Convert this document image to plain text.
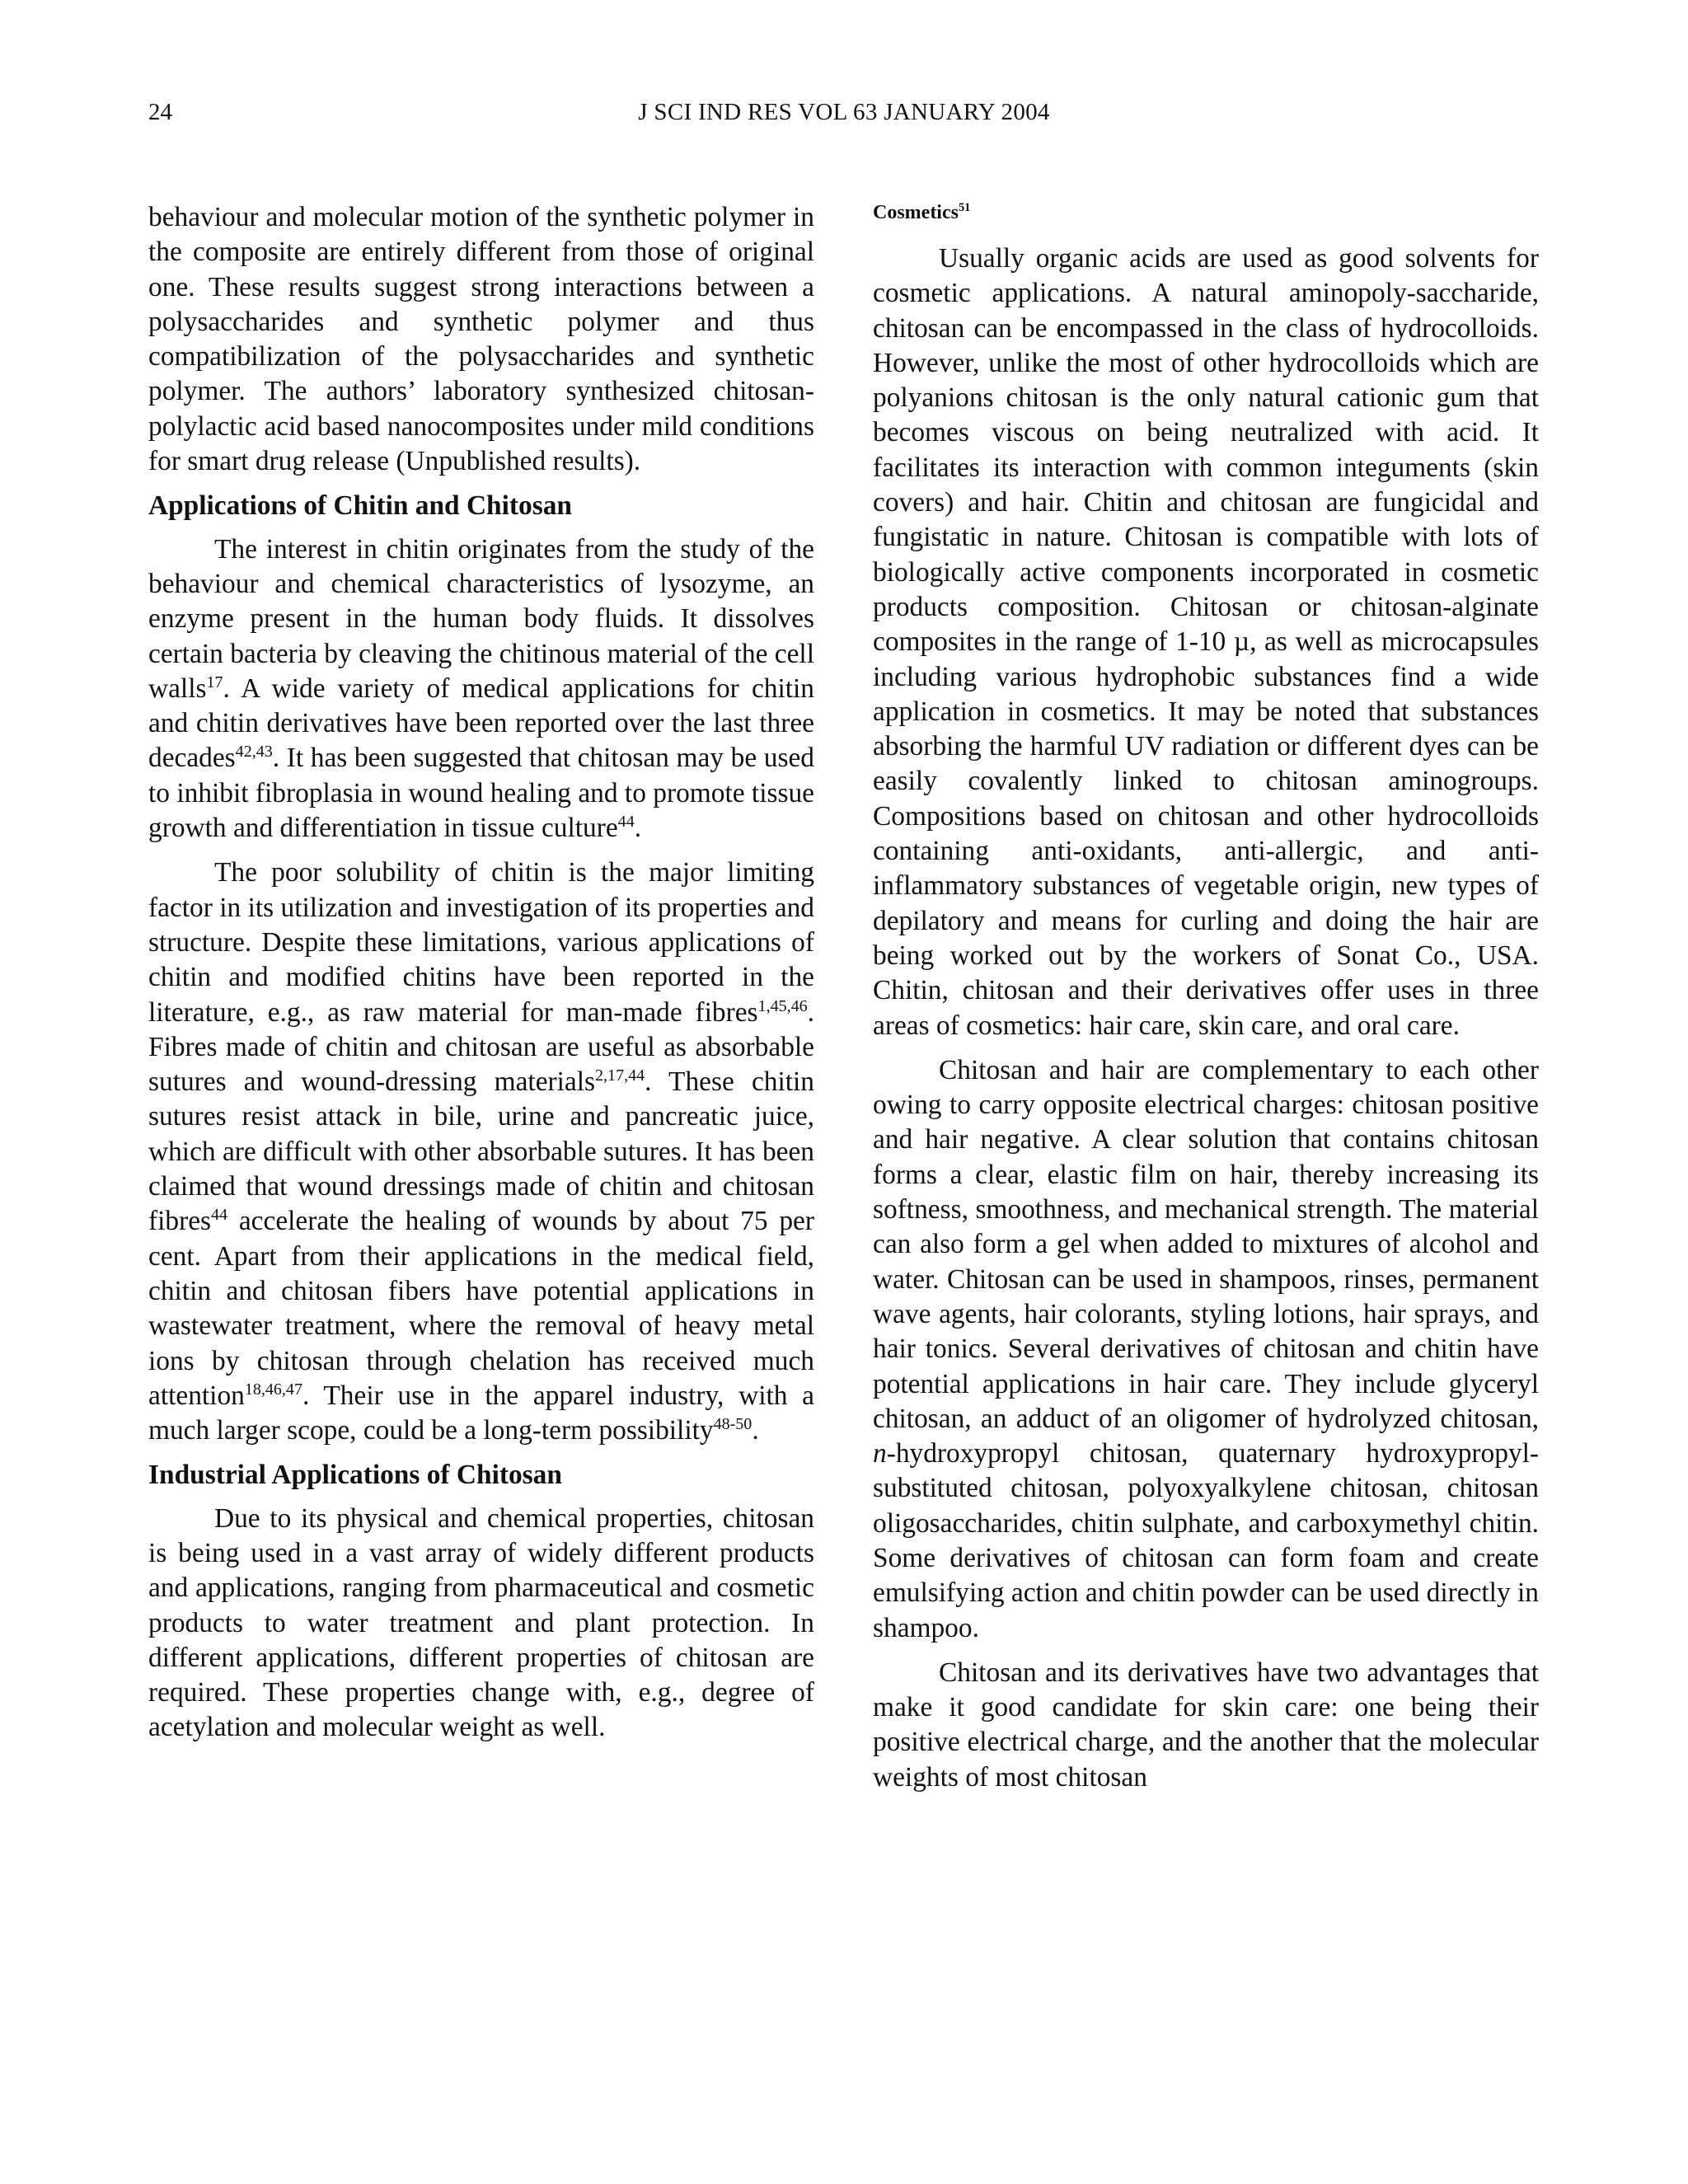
24	J SCI IND RES VOL 63 JANUARY 2004

behaviour and molecular motion of the synthetic polymer in the composite are entirely different from those of original one. These results suggest strong interactions between a polysaccharides and synthetic polymer and thus compatibilization of the polysaccharides and synthetic polymer. The authors’ laboratory synthesized chitosan-polylactic acid based nanocomposites under mild conditions for smart drug release (Unpublished results).

Applications of Chitin and Chitosan

The interest in chitin originates from the study of the behaviour and chemical characteristics of lysozyme, an enzyme present in the human body fluids. It dissolves certain bacteria by cleaving the chitinous material of the cell walls$^{17}$. A wide variety of medical applications for chitin and chitin derivatives have been reported over the last three decades$^{42,43}$. It has been suggested that chitosan may be used to inhibit fibroplasia in wound healing and to promote tissue growth and differentiation in tissue culture$^{44}$.

The poor solubility of chitin is the major limiting factor in its utilization and investigation of its properties and structure. Despite these limitations, various applications of chitin and modified chitins have been reported in the literature, e.g., as raw material for man-made fibres$^{1,45,46}$. Fibres made of chitin and chitosan are useful as absorbable sutures and wound-dressing materials$^{2,17,44}$. These chitin sutures resist attack in bile, urine and pancreatic juice, which are difficult with other absorbable sutures. It has been claimed that wound dressings made of chitin and chitosan fibres$^{44}$ accelerate the healing of wounds by about 75 per cent. Apart from their applications in the medical field, chitin and chitosan fibers have potential applications in wastewater treatment, where the removal of heavy metal ions by chitosan through chelation has received much attention$^{18,46,47}$. Their use in the apparel industry, with a much larger scope, could be a long-term possibility$^{48-50}$.

Industrial Applications of Chitosan

Due to its physical and chemical properties, chitosan is being used in a vast array of widely different products and applications, ranging from pharmaceutical and cosmetic products to water treatment and plant protection. In different applications, different properties of chitosan are required. These properties change with, e.g., degree of acetylation and molecular weight as well.

Cosmetics$^{51}$

Usually organic acids are used as good solvents for cosmetic applications. A natural aminopoly-saccharide, chitosan can be encompassed in the class of hydrocolloids. However, unlike the most of other hydrocolloids which are polyanions chitosan is the only natural cationic gum that becomes viscous on being neutralized with acid. It facilitates its interaction with common integuments (skin covers) and hair. Chitin and chitosan are fungicidal and fungistatic in nature. Chitosan is compatible with lots of biologically active components incorporated in cosmetic products composition. Chitosan or chitosan-alginate composites in the range of 1-10 µ, as well as microcapsules including various hydrophobic substances find a wide application in cosmetics. It may be noted that substances absorbing the harmful UV radiation or different dyes can be easily covalently linked to chitosan aminogroups. Compositions based on chitosan and other hydrocolloids containing anti-oxidants, anti-allergic, and anti-inflammatory substances of vegetable origin, new types of depilatory and means for curling and doing the hair are being worked out by the workers of Sonat Co., USA. Chitin, chitosan and their derivatives offer uses in three areas of cosmetics: hair care, skin care, and oral care.

Chitosan and hair are complementary to each other owing to carry opposite electrical charges: chitosan positive and hair negative. A clear solution that contains chitosan forms a clear, elastic film on hair, thereby increasing its softness, smoothness, and mechanical strength. The material can also form a gel when added to mixtures of alcohol and water. Chitosan can be used in shampoos, rinses, permanent wave agents, hair colorants, styling lotions, hair sprays, and hair tonics. Several derivatives of chitosan and chitin have potential applications in hair care. They include glyceryl chitosan, an adduct of an oligomer of hydrolyzed chitosan, n-hydroxypropyl chitosan, quaternary hydroxypropyl-substituted chitosan, polyoxyalkylene chitosan, chitosan oligosaccharides, chitin sulphate, and carboxymethyl chitin. Some derivatives of chitosan can form foam and create emulsifying action and chitin powder can be used directly in shampoo.

Chitosan and its derivatives have two advantages that make it good candidate for skin care: one being their positive electrical charge, and the another that the molecular weights of most chitosan
